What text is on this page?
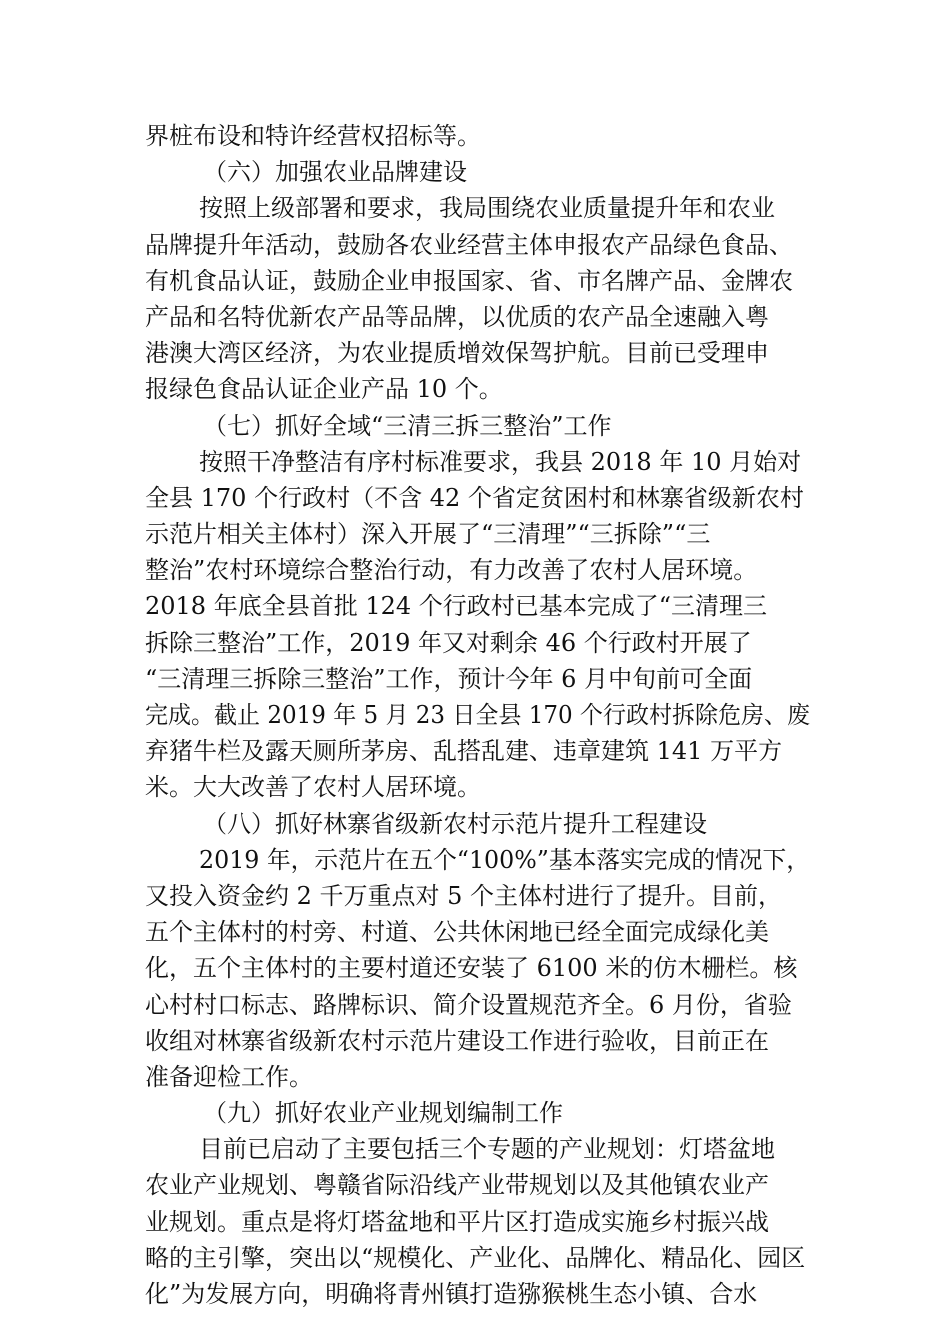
界桩布设和特许经营权招标等。
（六）加强农业品牌建设
按照上级部署和要求，我局围绕农业质量提升年和农业
品牌提升年活动，鼓励各农业经营主体申报农产品绿色食品、
有机食品认证，鼓励企业申报国家、省、市名牌产品、金牌农
产品和名特优新农产品等品牌，以优质的农产品全速融入粤
港澳大湾区经济，为农业提质增效保驾护航。目前已受理申
报绿色食品认证企业产品 10 个。
（七）抓好全域“三清三拆三整治”工作
按照干净整洁有序村标准要求，我县 2018 年 10 月始对
全县 170 个行政村（不含 42 个省定贫困村和林寨省级新农村
示范片相关主体村）深入开展了“三清理”“三拆除”“三
整治”农村环境综合整治行动，有力改善了农村人居环境。
2018 年底全县首批 124 个行政村已基本完成了“三清理三
拆除三整治”工作，2019 年又对剩余 46 个行政村开展了
“三清理三拆除三整治”工作，预计今年 6 月中旬前可全面
完成。截止 2019 年 5 月 23 日全县 170 个行政村拆除危房、废
弃猪牛栏及露天厕所茅房、乱搭乱建、违章建筑 141 万平方
米。大大改善了农村人居环境。
（八）抓好林寨省级新农村示范片提升工程建设
2019 年，示范片在五个“100%”基本落实完成的情况下，
又投入资金约 2 千万重点对 5 个主体村进行了提升。目前，
五个主体村的村旁、村道、公共休闲地已经全面完成绿化美
化，五个主体村的主要村道还安装了 6100 米的仿木栅栏。核
心村村口标志、路牌标识、简介设置规范齐全。6 月份，省验
收组对林寨省级新农村示范片建设工作进行验收，目前正在
准备迎检工作。
（九）抓好农业产业规划编制工作
目前已启动了主要包括三个专题的产业规划：灯塔盆地
农业产业规划、粤赣省际沿线产业带规划以及其他镇农业产
业规划。重点是将灯塔盆地和平片区打造成实施乡村振兴战
略的主引擎，突出以“规模化、产业化、品牌化、精品化、园区
化”为发展方向，明确将青州镇打造猕猴桃生态小镇、合水
